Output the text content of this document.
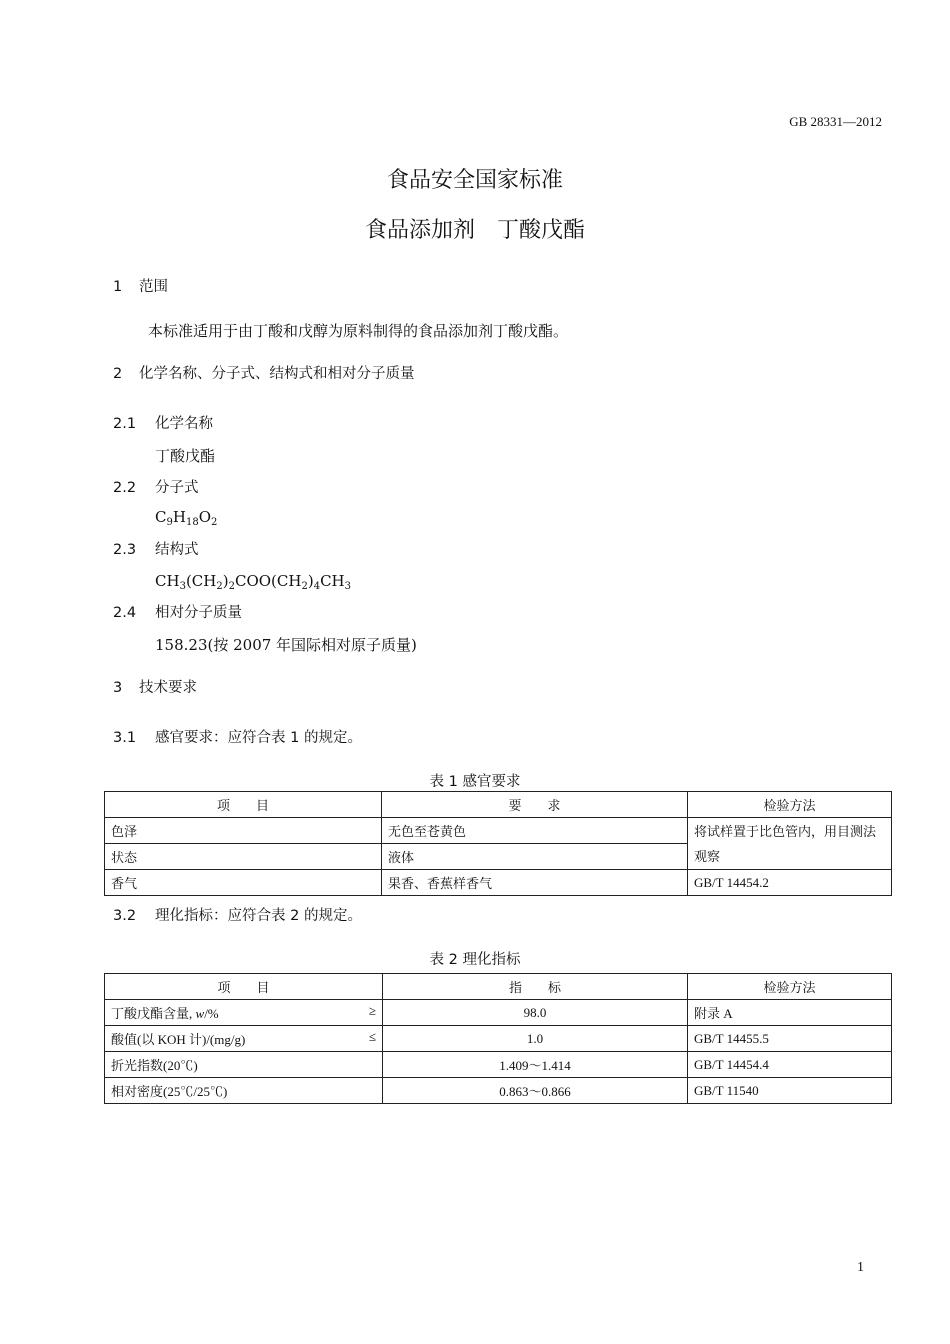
GB 28331—2012
食品安全国家标准
食品添加剂　丁酸戊酯
1 范围
本标准适用于由丁酸和戊醇为原料制得的食品添加剂丁酸戊酯。
2 化学名称、分子式、结构式和相对分子质量
2.1 化学名称
丁酸戊酯
2.2 分子式
$C_9H_{18}O_2$
2.3 结构式
$CH_3(CH_2)_2COO(CH_2)_4CH_3$
2.4 相对分子质量
158.23(按 2007 年国际相对原子质量)
3 技术要求
3.1 感官要求：应符合表 1 的规定。
表 1 感官要求
项　　目	要　　求	检验方法
色泽	无色至苍黄色	将试样置于比色管内，用目测法观察
状态	液体	
香气	果香、香蕉样香气	GB/T 14454.2
3.2 理化指标：应符合表 2 的规定。
表 2 理化指标
项　　目	指　　标	检验方法
丁酸戊酯含量, w/% ≥	98.0	附录 A
酸值(以 KOH 计)/(mg/g) ≤	1.0	GB/T 14455.5
折光指数(20℃)	1.409～1.414	GB/T 14454.4
相对密度(25℃/25℃)	0.863～0.866	GB/T 11540
1
